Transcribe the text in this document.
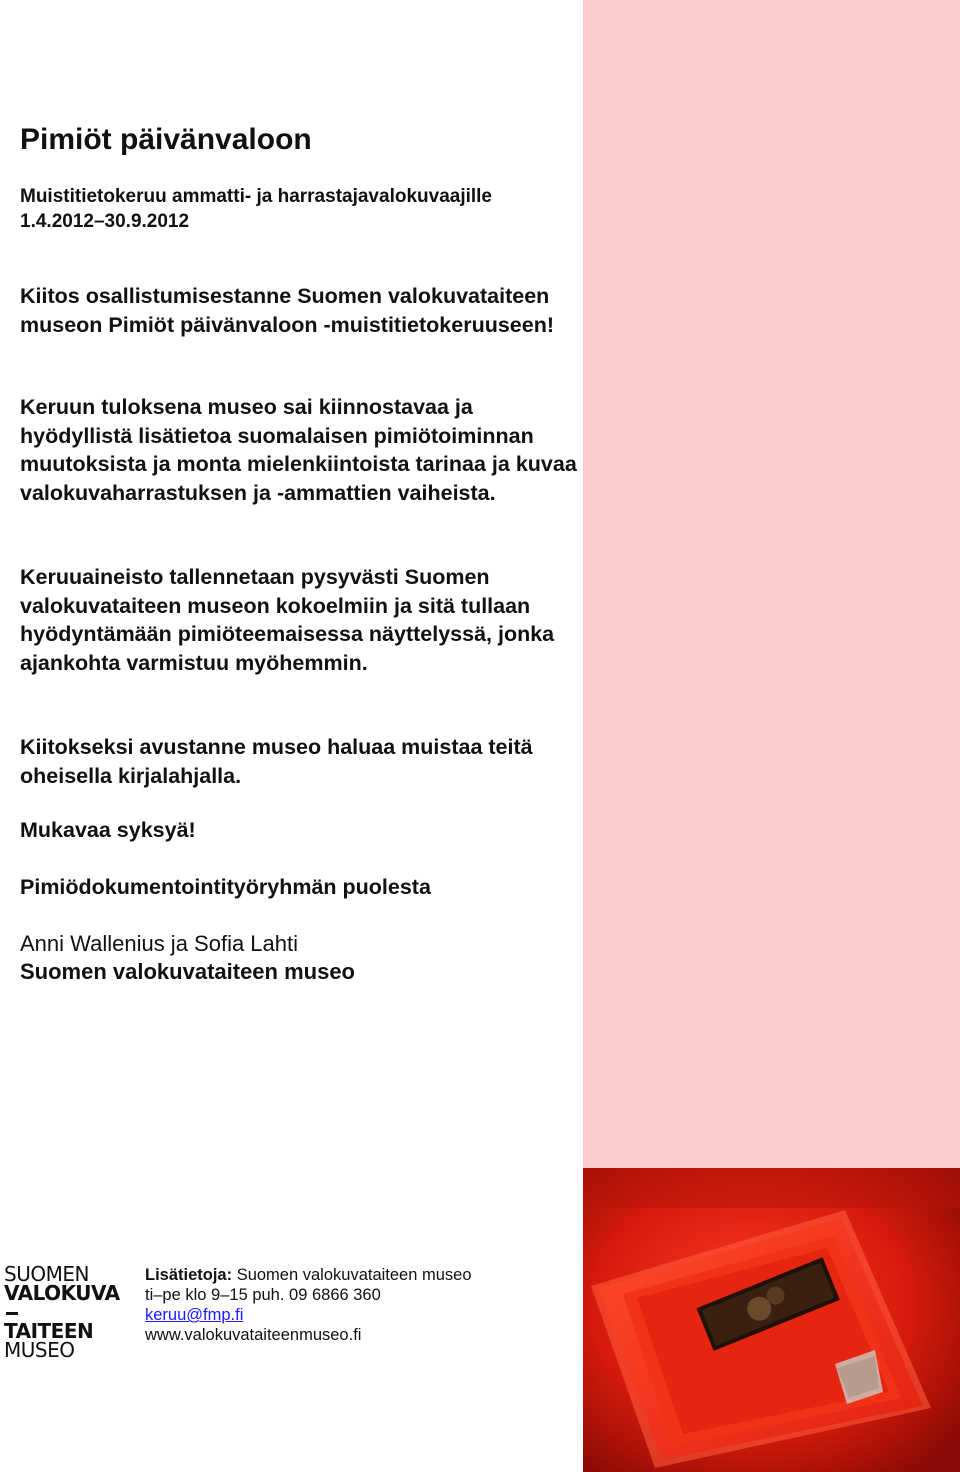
Pimiöt päivänvaloon
Muistitietokeruu ammatti- ja harrastajavalokuvaajille
1.4.2012–30.9.2012

Kiitos osallistumisestanne Suomen valokuvataiteen museon Pimiöt päivänvaloon -muistitietokeruuseen!

Keruun tuloksena museo sai kiinnostavaa ja hyödyllistä lisätietoa suomalaisen pimiötoiminnan muutoksista ja monta mielenkiintoista tarinaa ja kuvaa valokuvaharrastuksen ja -ammattien vaiheista.

Keruuaineisto tallennetaan pysyvästi Suomen valokuvataiteen museon kokoelmiin ja sitä tullaan hyödyntämään pimiöteemaisessa näyttelyssä, jonka ajankohta varmistuu myöhemmin.

Kiitokseksi avustanne museo haluaa muistaa teitä oheisella kirjalahjalla.

Mukavaa syksyä!

Pimiödokumentointityöryhmän puolesta

Anni Wallenius ja Sofia Lahti

Suomen valokuvataiteen museo

SUOMEN
VALOKUVA
TAITEEN
MUSEO
Lisätietoja: Suomen valokuvataiteen museo
ti–pe klo 9–15 puh. 09 6866 360
keruu@fmp.fi
www.valokuvataiteenmuseo.fi
